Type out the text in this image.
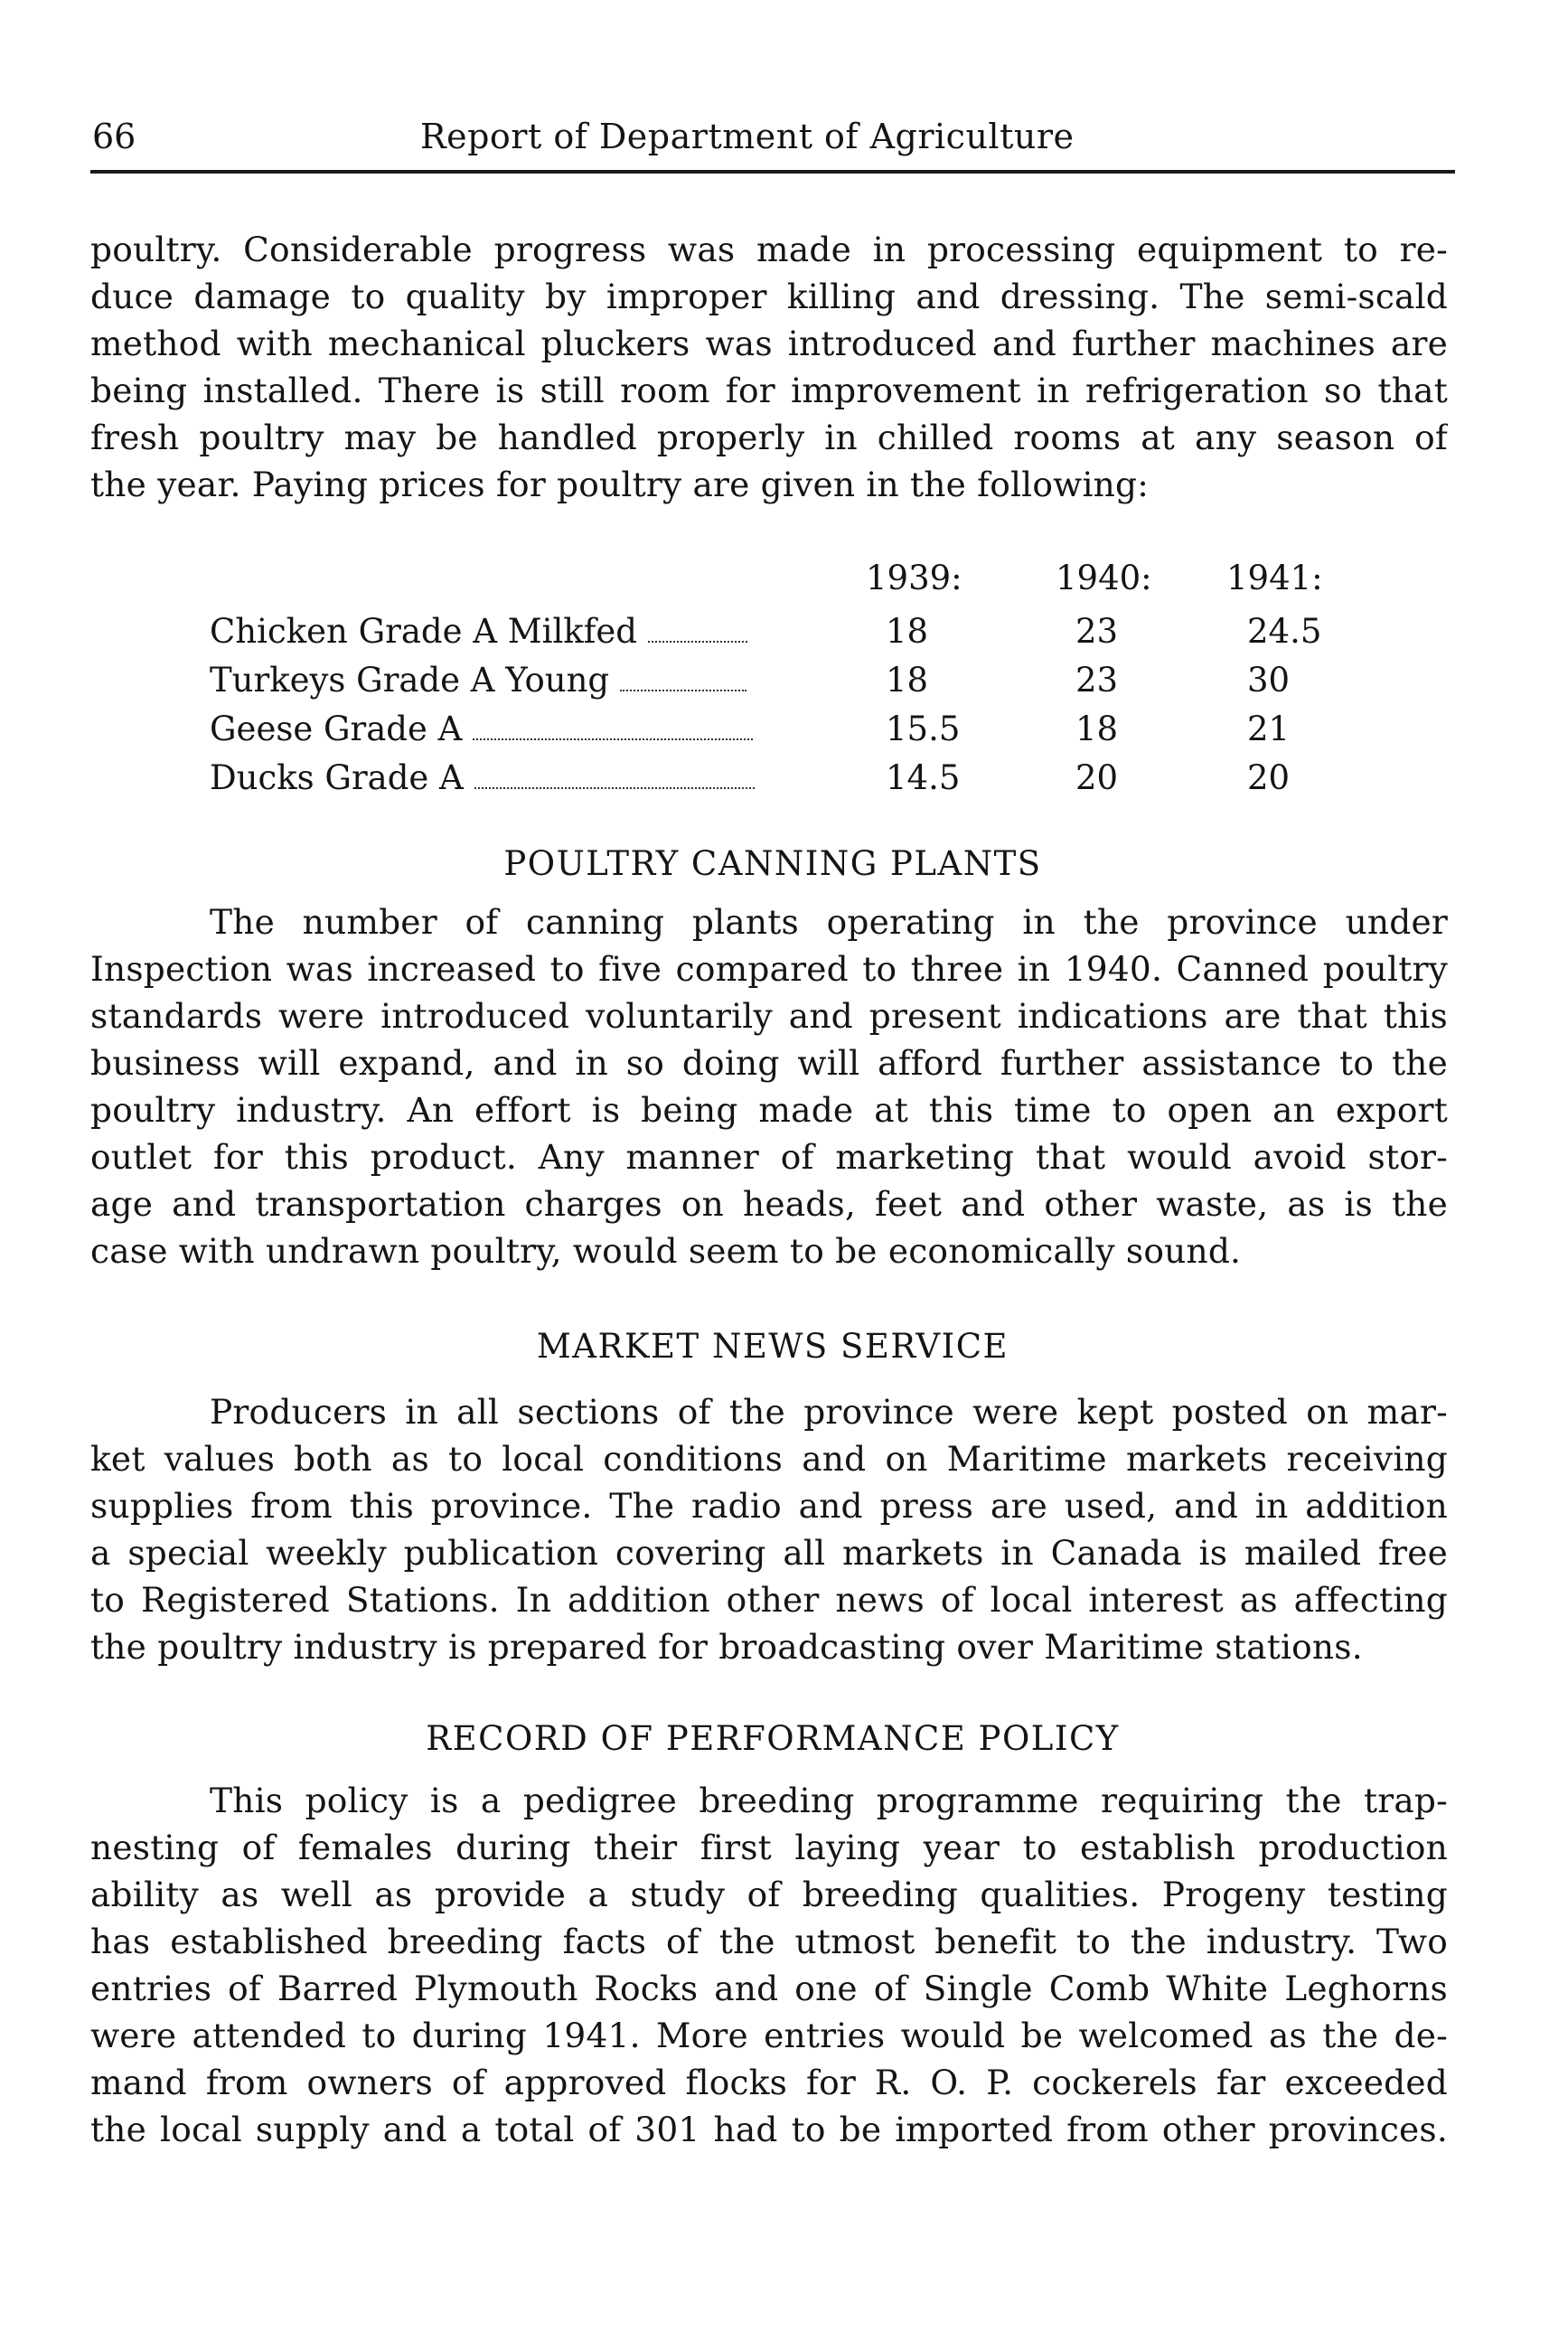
66	Report of Department of Agriculture
poultry. Considerable progress was made in processing equipment to re-
duce damage to quality by improper killing and dressing. The semi-scald
method with mechanical pluckers was introduced and further machines are
being installed. There is still room for improvement in refrigeration so that
fresh poultry may be handled properly in chilled rooms at any season of
the year. Paying prices for poultry are given in the following:
1939:	1940: 1941:
Chicken Grade A Milkfed	18	23	24.5
Turkeys Grade A Young	18	23	30
Geese Grade A	15.5	18	21
Ducks Grade A	14.5	20	20
POULTRY CANNING PLANTS
The number of canning plants operating in the province under
Inspection was increased to five compared to three in 1940. Canned poultry
standards were introduced voluntarily and present indications are that this
business will expand, and in so doing will afford further assistance to the
poultry industry. An effort is being made at this time to open an export
outlet for this product. Any manner of marketing that would avoid stor-
age and transportation charges on heads, feet and other waste, as is the
case with undrawn poultry, would seem to be economically sound.
MARKET NEWS SERVICE
Producers in all sections of the province were kept posted on mar-
ket values both as to local conditions and on Maritime markets receiving
supplies from this province. The radio and press are used, and in addition
a special weekly publication covering all markets in Canada is mailed free
to Registered Stations. In addition other news of local interest as affecting
the poultry industry is prepared for broadcasting over Maritime stations.
RECORD OF PERFORMANCE POLICY
This policy is a pedigree breeding programme requiring the trap-
nesting of females during their first laying year to establish production
ability as well as provide a study of breeding qualities. Progeny testing
has established breeding facts of the utmost benefit to the industry. Two
entries of Barred Plymouth Rocks and one of Single Comb White Leghorns
were attended to during 1941. More entries would be welcomed as the de-
mand from owners of approved flocks for R. O. P. cockerels far exceeded
the local supply and a total of 301 had to be imported from other provinces.
